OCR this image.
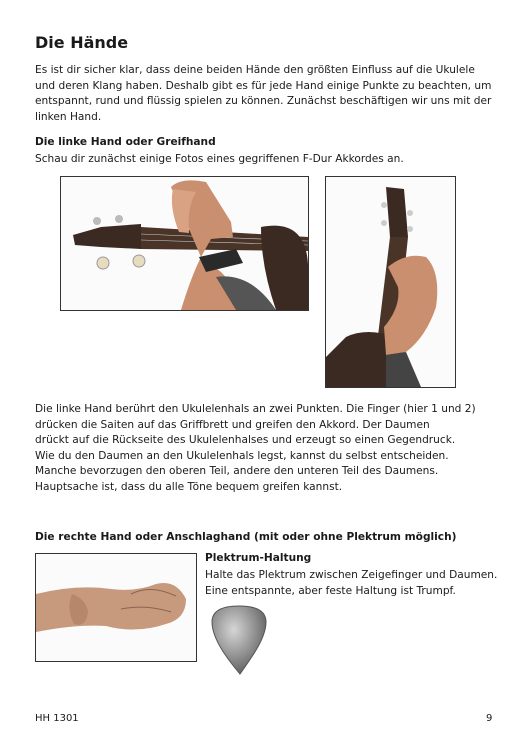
Die Hände
Es ist dir sicher klar, dass deine beiden Hände den größten Einfluss auf die Ukulele
und deren Klang haben. Deshalb gibt es für jede Hand einige Punkte zu beachten, um
entspannt, rund und flüssig spielen zu können. Zunächst beschäftigen wir uns mit der
linken Hand.
Die linke Hand oder Greifhand
Schau dir zunächst einige Fotos eines gegriffenen F-Dur Akkordes an.
Die linke Hand berührt den Ukulelenhals an zwei Punkten. Die Finger (hier 1 und 2)
drücken die Saiten auf das Griffbrett und greifen den Akkord. Der Daumen
drückt auf die Rückseite des Ukulelenhalses und erzeugt so einen Gegendruck.
Wie du den Daumen an den Ukulelenhals legst, kannst du selbst entscheiden.
Manche bevorzugen den oberen Teil, andere den unteren Teil des Daumens.
Hauptsache ist, dass du alle Töne bequem greifen kannst.
Die rechte Hand oder Anschlaghand (mit oder ohne Plektrum möglich)
Plektrum-Haltung
Halte das Plektrum zwischen Zeigefinger und Daumen.
Eine entspannte, aber feste Haltung ist Trumpf.
HH 1301	9
